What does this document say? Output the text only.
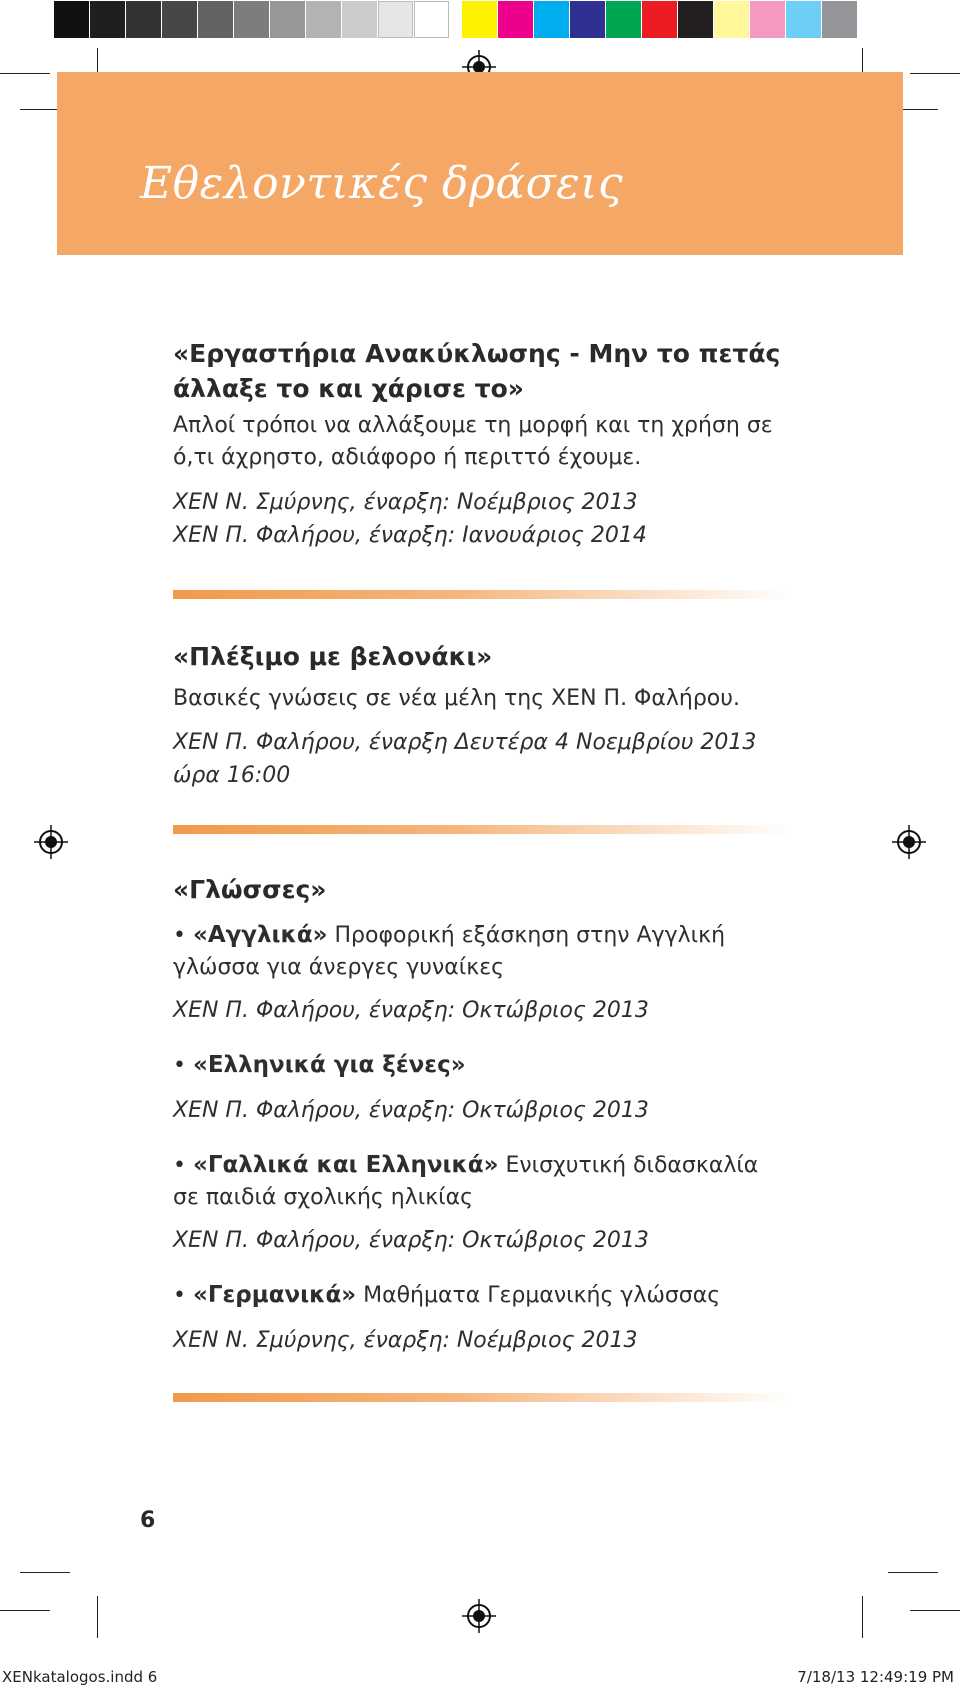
Εθελοντικές δράσεις

«Εργαστήρια Ανακύκλωσης - Μην το πετάς άλλαξε το και χάρισε το»

Απλοί τρόποι να αλλάξουμε τη μορφή και τη χρήση σε ό,τι άχρηστο, αδιάφορο ή περιττό έχουμε.

ΧΕΝ Ν. Σμύρνης, έναρξη: Νοέμβριος 2013

ΧΕΝ Π. Φαλήρου, έναρξη: Ιανουάριος 2014

«Πλέξιμο με βελονάκι»

Βασικές γνώσεις σε νέα μέλη της ΧΕΝ Π. Φαλήρου.

ΧΕΝ Π. Φαλήρου, έναρξη Δευτέρα 4 Νοεμβρίου 2013

ώρα 16:00

«Γλώσσες»

• «Αγγλικά» Προφορική εξάσκηση στην Αγγλική γλώσσα για άνεργες γυναίκες

ΧΕΝ Π. Φαλήρου, έναρξη: Οκτώβριος 2013

• «Ελληνικά για ξένες»

ΧΕΝ Π. Φαλήρου, έναρξη: Οκτώβριος 2013

• «Γαλλικά και Ελληνικά» Ενισχυτική διδασκαλία σε παιδιά σχολικής ηλικίας

ΧΕΝ Π. Φαλήρου, έναρξη: Οκτώβριος 2013

• «Γερμανικά» Μαθήματα Γερμανικής γλώσσας

ΧΕΝ Ν. Σμύρνης, έναρξη: Νοέμβριος 2013

6
XENkatalogos.indd 6	7/18/13 12:49:19 PM
